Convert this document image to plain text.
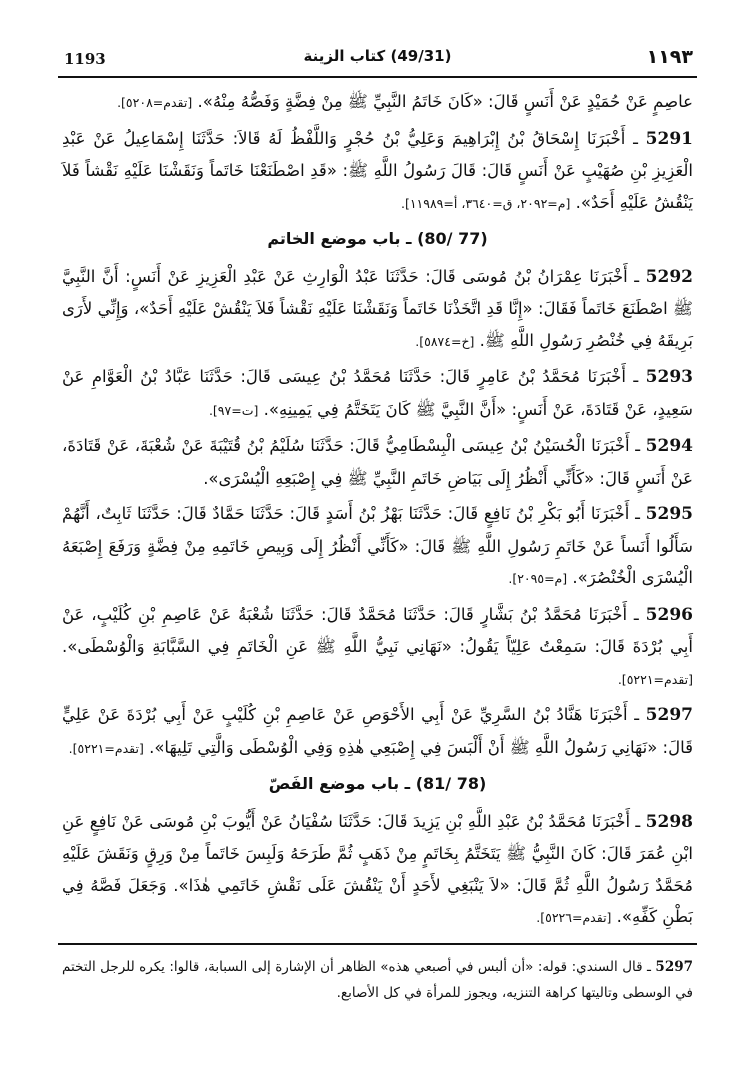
1193	(49/31) كتاب الزينة	١١٩٣
عاصِمٍ عَنْ حُمَيْدٍ عَنْ أَنَسٍ قَالَ: «كَانَ خَاتَمُ النَّبِيِّ ﷺ مِنْ فِضَّةٍ وَفَصُّهُ مِنْهُ». [تقدم=٥٢٠٨].
5291 ـ أَخْبَرَنَا إِسْحَاقُ بْنُ إِبْرَاهِيمَ وَعَلِيُّ بْنُ حُجْرٍ وَاللَّفْظُ لَهُ قَالاَ: حَدَّثَنَا إِسْمَاعِيلُ عَنْ عَبْدِ الْعَزِيزِ بْنِ صُهَيْبٍ عَنْ أَنَسٍ قَالَ: قَالَ رَسُولُ اللَّهِ ﷺ: «قَدِ اصْطَنَعْنَا خَاتَماً وَنَقَشْنَا عَلَيْهِ نَقْشاً فَلاَ يَنْقُشُ عَلَيْهِ أَحَدٌ». [م=٢٠٩٢، ق=٣٦٤٠، أ=١١٩٨٩].
(77 /80) ـ باب موضع الخاتم
5292 ـ أَخْبَرَنَا عِمْرَانُ بْنُ مُوسَى قَالَ: حَدَّثَنَا عَبْدُ الْوَارِثِ عَنْ عَبْدِ الْعَزِيزِ عَنْ أَنَسٍ: أَنَّ النَّبِيَّ ﷺ اصْطَنَعَ خَاتَماً فَقَالَ: «إِنَّا قَدِ اتَّخَذْنَا خَاتَماً وَنَقَشْنَا عَلَيْهِ نَقْشاً فَلاَ يَنْقُشْ عَلَيْهِ أَحَدٌ»، وَإِنِّي لأَرَى بَرِيقَهُ فِي خُنْصُرِ رَسُولِ اللَّهِ ﷺ. [خ=٥٨٧٤].
5293 ـ أَخْبَرَنَا مُحَمَّدُ بْنُ عَامِرٍ قَالَ: حَدَّثَنَا مُحَمَّدُ بْنُ عِيسَى قَالَ: حَدَّثَنَا عَبَّادُ بْنُ الْعَوَّامِ عَنْ سَعِيدٍ، عَنْ قَتَادَةَ، عَنْ أَنَسٍ: «أَنَّ النَّبِيَّ ﷺ كَانَ يَتَخَتَّمُ فِي يَمِينِهِ». [ت=٩٧].
5294 ـ أَخْبَرَنَا الْحُسَيْنُ بْنُ عِيسَى الْبِسْطَامِيُّ قَالَ: حَدَّثَنَا سُلَيْمُ بْنُ قُتَيْبَةَ عَنْ شُعْبَةَ، عَنْ قَتَادَةَ، عَنْ أَنَسٍ قَالَ: «كَأَنِّي أَنْظُرُ إِلَى بَيَاضِ خَاتَمِ النَّبِيِّ ﷺ فِي إِصْبَعِهِ الْيُسْرَى».
5295 ـ أَخْبَرَنَا أَبُو بَكْرِ بْنُ نَافِعٍ قَالَ: حَدَّثَنَا بَهْزُ بْنُ أَسَدٍ قَالَ: حَدَّثَنَا حَمَّادٌ قَالَ: حَدَّثَنَا ثَابِتٌ، أَنَّهُمْ سَأَلُوا أَنَساً عَنْ خَاتَمِ رَسُولِ اللَّهِ ﷺ قَالَ: «كَأَنِّي أَنْظُرُ إِلَى وَبِيصِ خَاتَمِهِ مِنْ فِضَّةٍ وَرَفَعَ إِصْبَعَهُ الْيُسْرَى الْخُنْصُرَ». [م=٢٠٩٥].
5296 ـ أَخْبَرَنَا مُحَمَّدُ بْنُ بَشَّارٍ قَالَ: حَدَّثَنَا مُحَمَّدٌ قَالَ: حَدَّثَنَا شُعْبَةُ عَنْ عَاصِمِ بْنِ كُلَيْبٍ، عَنْ أَبِي بُرْدَةَ قَالَ: سَمِعْتُ عَلِيّاً يَقُولُ: «نَهَانِي نَبِيُّ اللَّهِ ﷺ عَنِ الْخَاتَمِ فِي السَّبَّابَةِ وَالْوُسْطَى». [تقدم=٥٢٢١].
5297 ـ أَخْبَرَنَا هَنَّادُ بْنُ السَّرِيِّ عَنْ أَبِي الأَحْوَصِ عَنْ عَاصِمِ بْنِ كُلَيْبٍ عَنْ أَبِي بُرْدَةَ عَنْ عَلِيٍّ قَالَ: «نَهَانِي رَسُولُ اللَّهِ ﷺ أَنْ أَلْبَسَ فِي إِصْبَعِي هٰذِهِ وَفِي الْوُسْطَى وَالَّتِي تَلِيهَا». [تقدم=٥٢٢١].
(78 /81) ـ باب موضع الفَصّ
5298 ـ أَخْبَرَنَا مُحَمَّدُ بْنُ عَبْدِ اللَّهِ بْنِ يَزِيدَ قَالَ: حَدَّثَنَا سُفْيَانُ عَنْ أَيُّوبَ بْنِ مُوسَى عَنْ نَافِعٍ عَنِ ابْنِ عُمَرَ قَالَ: كَانَ النَّبِيُّ ﷺ يَتَخَتَّمُ بِخَاتَمٍ مِنْ ذَهَبٍ ثُمَّ طَرَحَهُ وَلَبِسَ خَاتَماً مِنْ وَرِقٍ وَنَقَشَ عَلَيْهِ مُحَمَّدٌ رَسُولُ اللَّهِ ثُمَّ قَالَ: «لاَ يَنْبَغِي لأَحَدٍ أَنْ يَنْقُشَ عَلَى نَقْشِ خَاتَمِي هٰذَا». وَجَعَلَ فَصَّهُ فِي بَطْنِ كَفِّهِ». [تقدم=٥٢٢٦].
5297 ـ قال السندي: قوله: «أن ألبس في أصبعي هذه» الظاهر أن الإشارة إلى السبابة، قالوا: يكره للرجل التختم في الوسطى وتاليتها كراهة التنزيه، ويجوز للمرأة في كل الأصابع.
